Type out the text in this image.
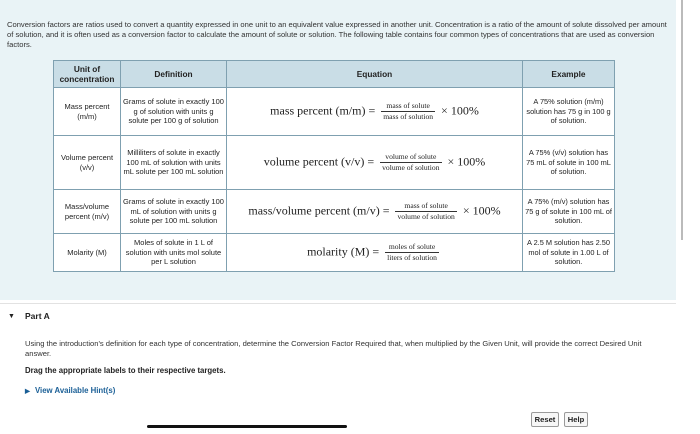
Conversion factors are ratios used to convert a quantity expressed in one unit to an equivalent value expressed in another unit. Concentration is a ratio of the amount of solute dissolved per amount of solution, and it is often used as a conversion factor to calculate the amount of solute or solution. The following table contains four common types of concentrations that are used as conversion factors.
Unit of concentration	Definition	Equation	Example
Mass percent (m/m)	Grams of solute in exactly 100 g of solution with units g solute per 100 g of solution	mass percent $(m/m) = \frac{\text{mass of solute}}{\text{mass of solution}} \times 100\%$	A 75% solution (m/m) solution has 75 g in 100 g of solution.
Volume percent (v/v)	Milliliters of solute in exactly 100 mL of solution with units mL solute per 100 mL solution	volume percent $(v/v) = \frac{\text{volume of solute}}{\text{volume of solution}} \times 100\%$	A 75% (v/v) solution has 75 mL of solute in 100 mL of solution.
Mass/volume percent (m/v)	Grams of solute in exactly 100 mL of solution with units g solute per 100 mL solution	mass/volume percent $(m/v) = \frac{\text{mass of solute}}{\text{volume of solution}} \times 100\%$	A 75% (m/v) solution has 75 g of solute in 100 mL of solution.
Molarity (M)	Moles of solute in 1 L of solution with units mol solute per L solution	molarity $(M) = \frac{\text{moles of solute}}{\text{liters of solution}}$	A 2.5 M solution has 2.50 mol of solute in 1.00 L of solution.
▼ Part A
Using the introduction's definition for each type of concentration, determine the Conversion Factor Required that, when multiplied by the Given Unit, will provide the correct Desired Unit answer.
Drag the appropriate labels to their respective targets.
▶ View Available Hint(s)
Reset	Help
